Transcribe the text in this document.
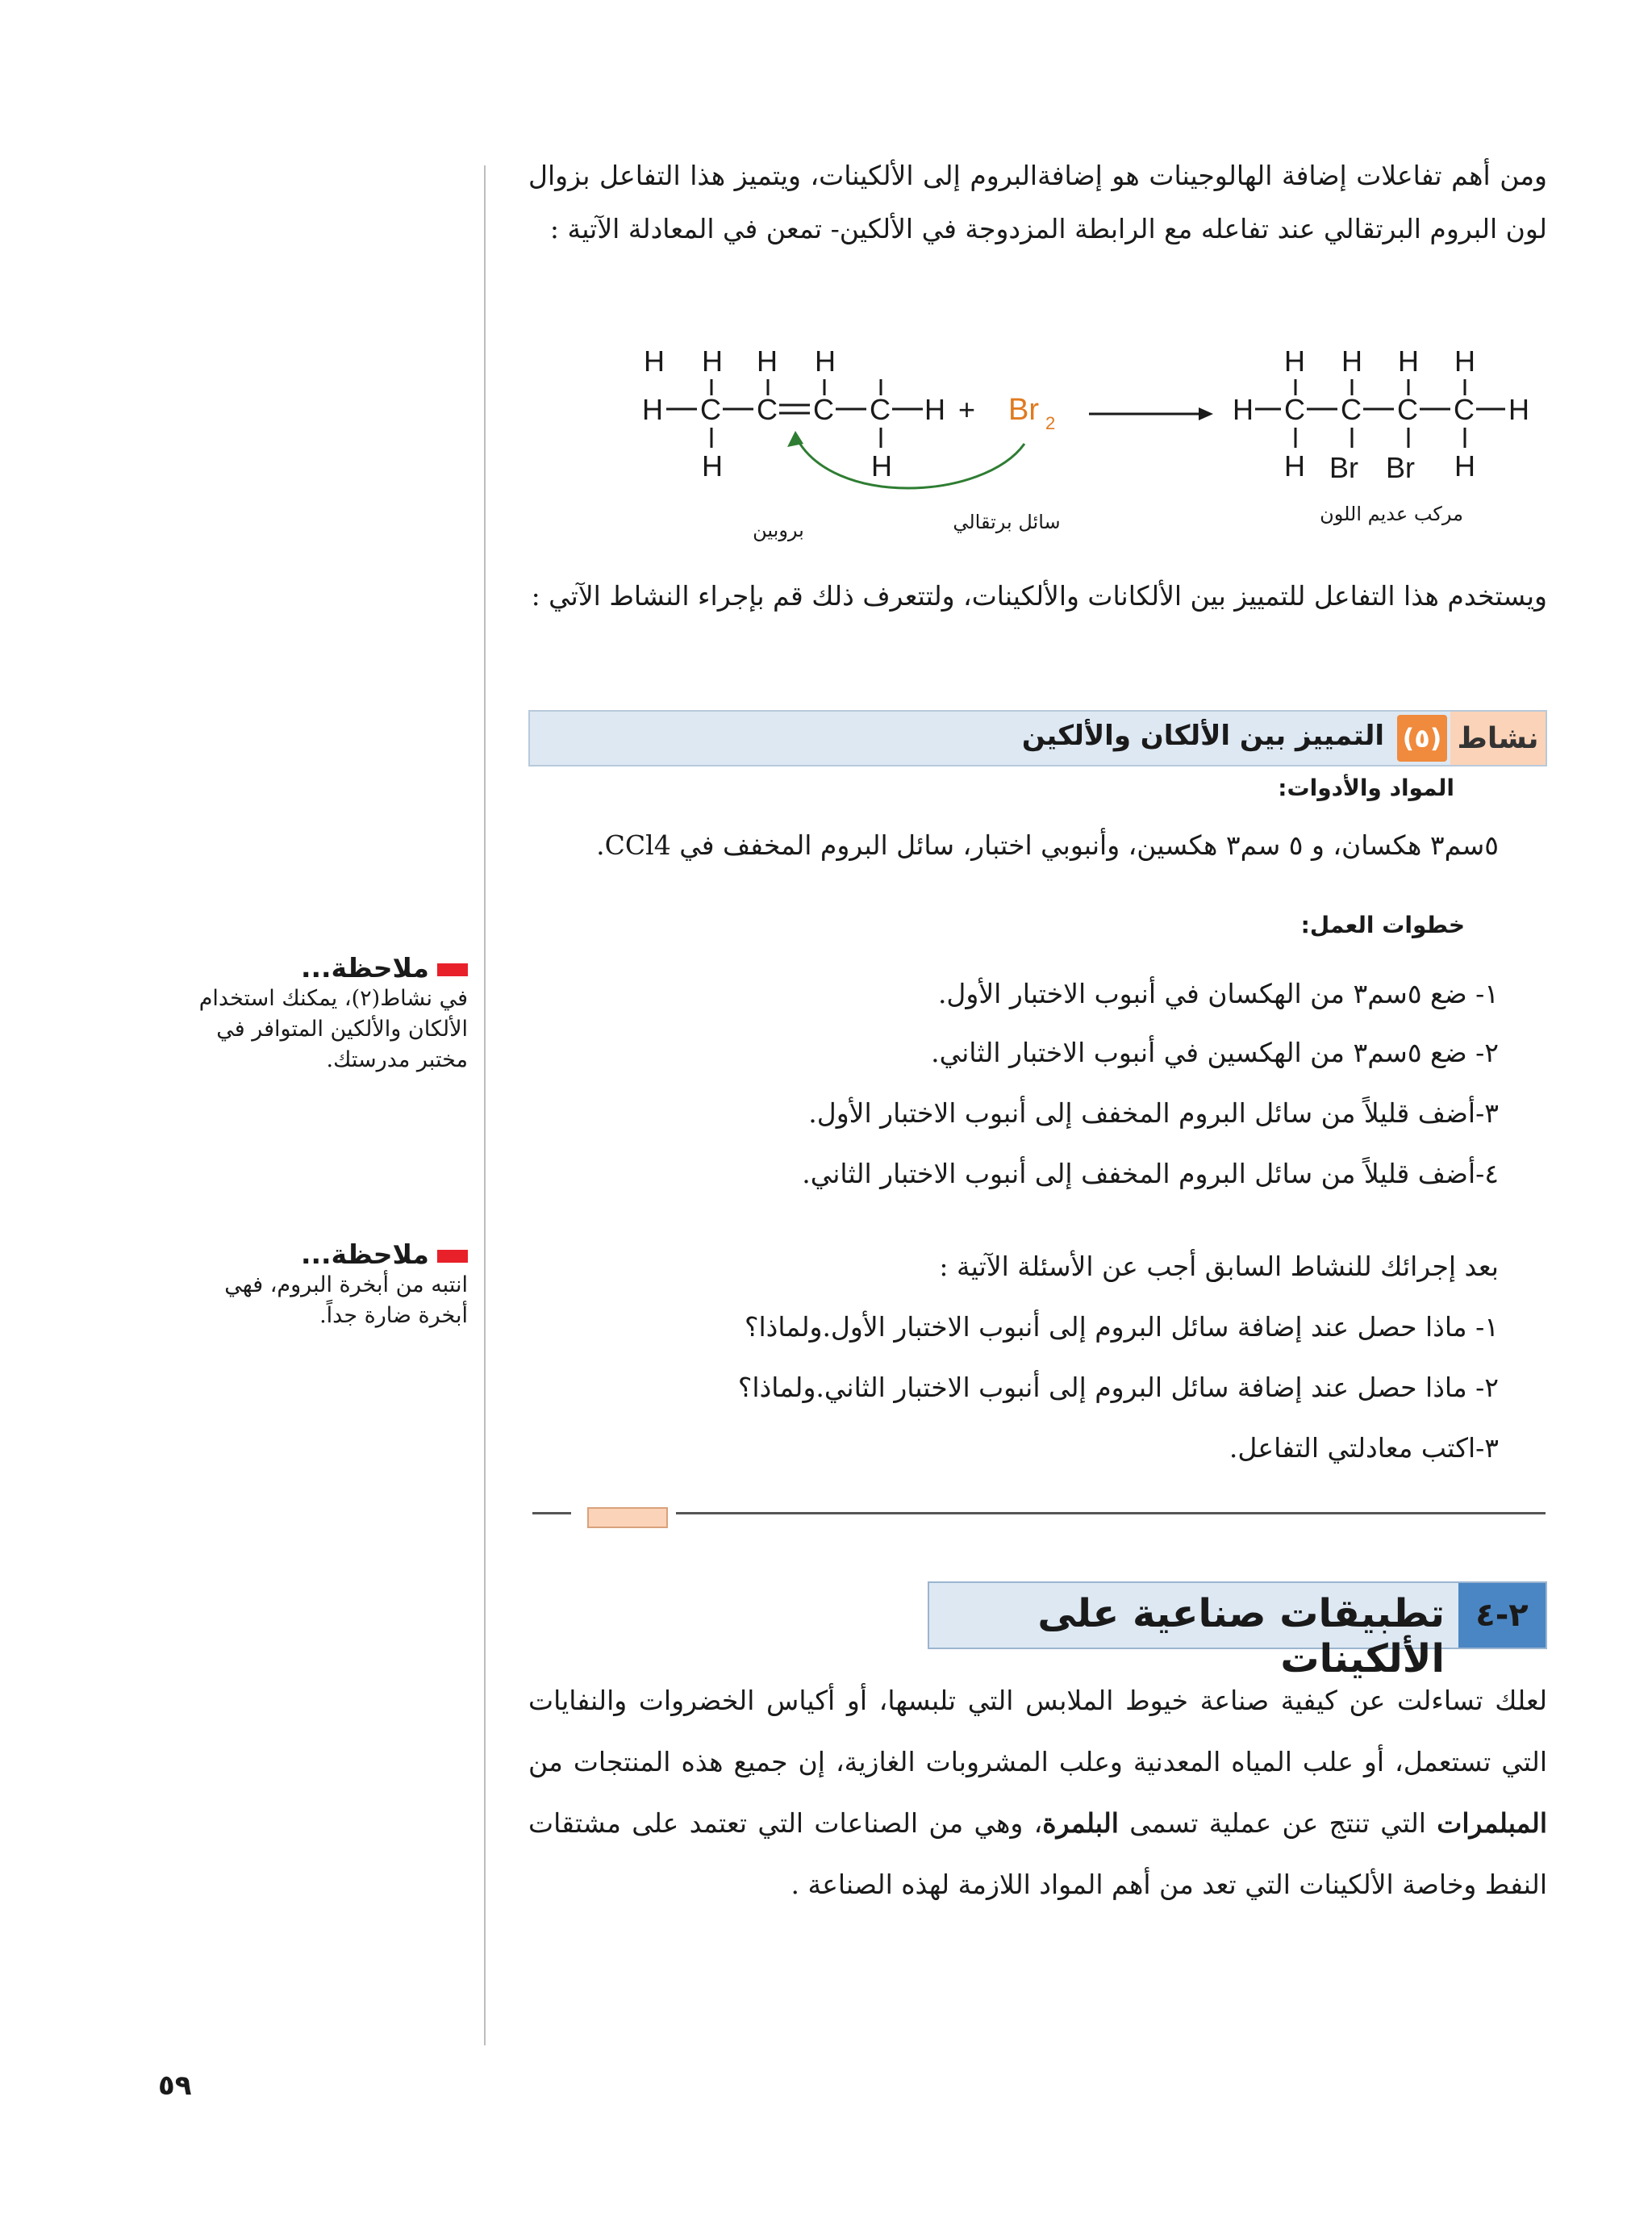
ومن أهم تفاعلات إضافة الهالوجينات هو إضافةالبروم إلى الألكينات، ويتميز هذا التفاعل بزوال لون البروم البرتقالي عند تفاعله مع الرابطة المزدوجة في الألكين- تمعن في المعادلة الآتية :
H H H H
H C C C C H
H	H
+ Br 2
H H H H
H C C C C H
H Br Br H
بروبين	سائل برتقالي	مركب عديم اللون
ويستخدم هذا التفاعل للتمييز بين الألكانات والألكينات، ولتتعرف ذلك قم بإجراء النشاط الآتي :
نشاط
(٥)
التمييز بين الألكان والألكين
المواد والأدوات:
٥سم٣ هكسان، و ٥ سم٣ هكسين، وأنبوبي اختبار، سائل البروم المخفف في CCl4.
خطوات العمل:
١- ضع ٥سم٣ من الهكسان في أنبوب الاختبار الأول.
٢- ضع ٥سم٣ من الهكسين في أنبوب الاختبار الثاني.
٣-أضف قليلاً من سائل البروم المخفف إلى أنبوب الاختبار الأول.
٤-أضف قليلاً من سائل البروم المخفف إلى أنبوب الاختبار الثاني.
بعد إجرائك للنشاط السابق أجب عن الأسئلة الآتية :
١- ماذا حصل عند إضافة سائل البروم إلى أنبوب الاختبار الأول.ولماذا؟
٢- ماذا حصل عند إضافة سائل البروم إلى أنبوب الاختبار الثاني.ولماذا؟
٣-اكتب معادلتي التفاعل.
٢-٤
تطبيقات صناعية على الألكينات
لعلك تساءلت عن كيفية صناعة خيوط الملابس التي تلبسها، أو أكياس الخضروات والنفايات التي تستعمل، أو علب المياه المعدنية وعلب المشروبات الغازية، إن جميع هذه المنتجات من المبلمرات التي تنتج عن عملية تسمى البلمرة، وهي من الصناعات التي تعتمد على مشتقات النفط وخاصة الألكينات التي تعد من أهم المواد اللازمة لهذه الصناعة .
ملاحظة...
في نشاط(٢)، يمكنك استخدام الألكان والألكين المتوافر في مختبر مدرستك.
ملاحظة...
انتبه من أبخرة البروم، فهي أبخرة ضارة جداً.
٥٩
